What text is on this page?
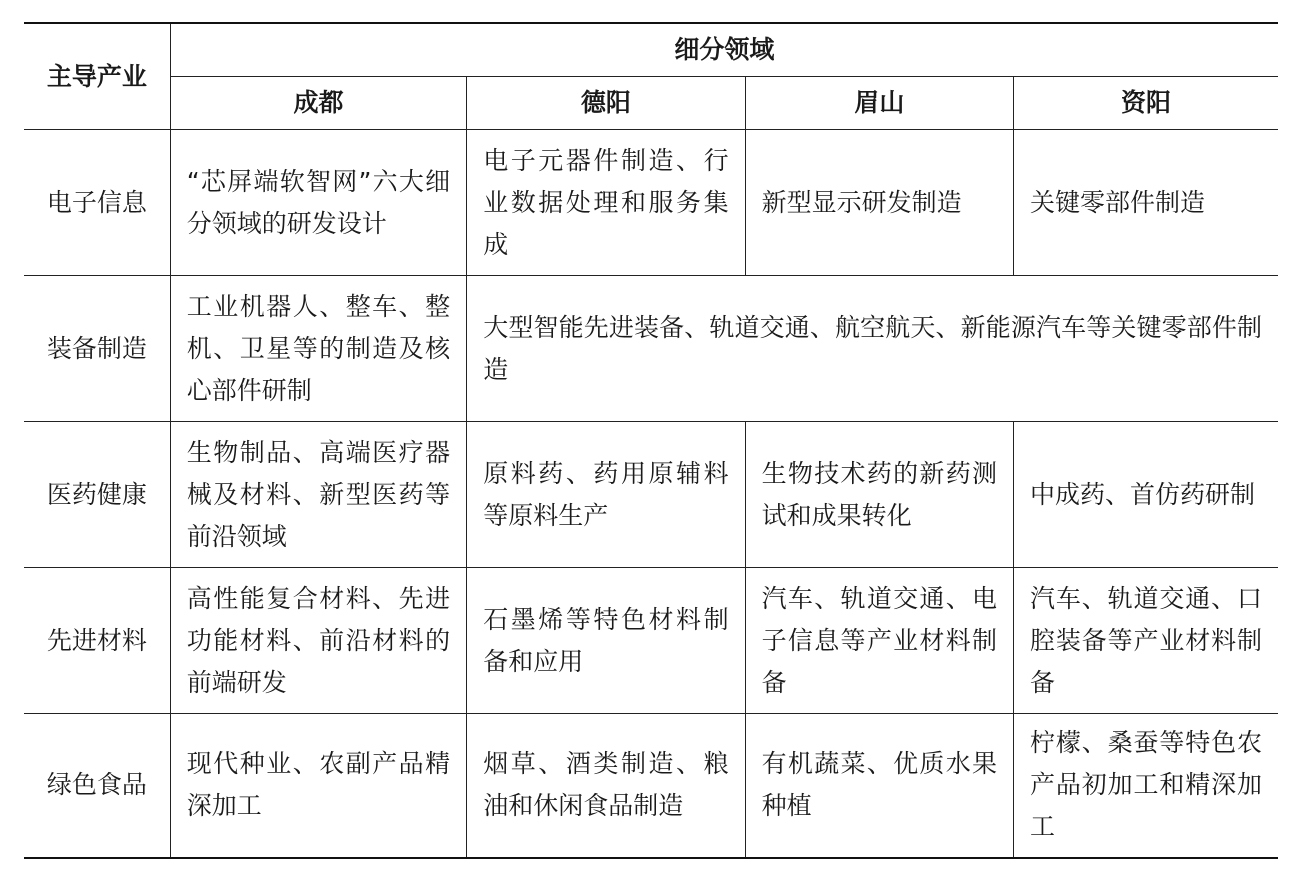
主导产业	细分领域			
	成都	德阳	眉山	资阳
电子信息	“芯屏端软智网”六大细分领域的研发设计	电子元器件制造、行业数据处理和服务集成	新型显示研发制造	关键零部件制造
装备制造	工业机器人、整车、整机、卫星等的制造及核心部件研制	大型智能先进装备、轨道交通、航空航天、新能源汽车等关键零部件制造		
医药健康	生物制品、高端医疗器械及材料、新型医药等前沿领域	原料药、药用原辅料等原料生产	生物技术药的新药测试和成果转化	中成药、首仿药研制
先进材料	高性能复合材料、先进功能材料、前沿材料的前端研发	石墨烯等特色材料制备和应用	汽车、轨道交通、电子信息等产业材料制备	汽车、轨道交通、口腔装备等产业材料制备
绿色食品	现代种业、农副产品精深加工	烟草、酒类制造、粮油和休闲食品制造	有机蔬菜、优质水果种植	柠檬、桑蚕等特色农产品初加工和精深加工
